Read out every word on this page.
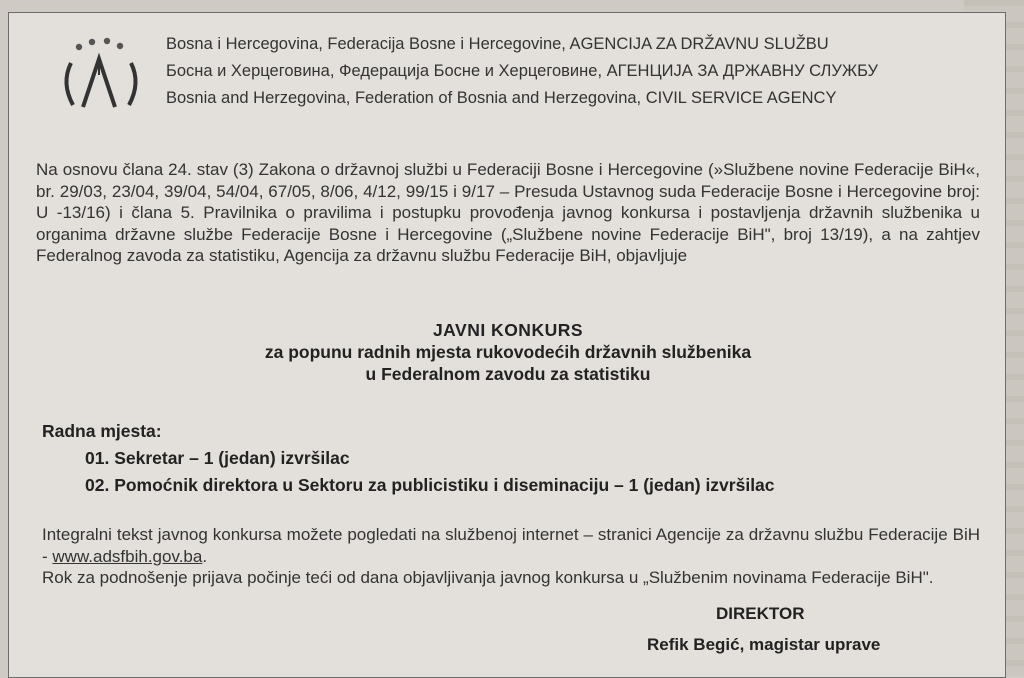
Bosna i Hercegovina, Federacija Bosne i Hercegovine, AGENCIJA ZA DRŽAVNU SLUŽBU
Босна и Херцеговина, Федерација Босне и Херцеговине, АГЕНЦИЈА ЗА ДРЖАВНУ СЛУЖБУ
Bosnia and Herzegovina, Federation of Bosnia and Herzegovina, CIVIL SERVICE AGENCY
Na osnovu člana 24. stav (3) Zakona o državnoj službi u Federaciji Bosne i Hercegovine (»Službene novine Federacije BiH«, br. 29/03, 23/04, 39/04, 54/04, 67/05, 8/06, 4/12, 99/15 i 9/17 – Presuda Ustavnog suda Federacije Bosne i Hercegovine broj: U -13/16) i člana 5. Pravilnika o pravilima i postupku provođenja javnog konkursa i postavljenja državnih službenika u organima državne službe Federacije Bosne i Hercegovine („Službene novine Federacije BiH", broj 13/19), a na zahtjev Federalnog zavoda za statistiku, Agencija za državnu službu Federacije BiH, objavljuje
JAVNI KONKURS
za popunu radnih mjesta rukovodećih državnih službenika
u Federalnom zavodu za statistiku
Radna mjesta:
01. Sekretar – 1 (jedan) izvršilac
02. Pomoćnik direktora u Sektoru za publicistiku i diseminaciju – 1 (jedan) izvršilac
Integralni tekst javnog konkursa možete pogledati na službenoj internet – stranici Agencije za državnu službu Federacije BiH - www.adsfbih.gov.ba.
Rok za podnošenje prijava počinje teći od dana objavljivanja javnog konkursa u „Službenim novinama Federacije BiH".
DIREKTOR
Refik Begić, magistar uprave
